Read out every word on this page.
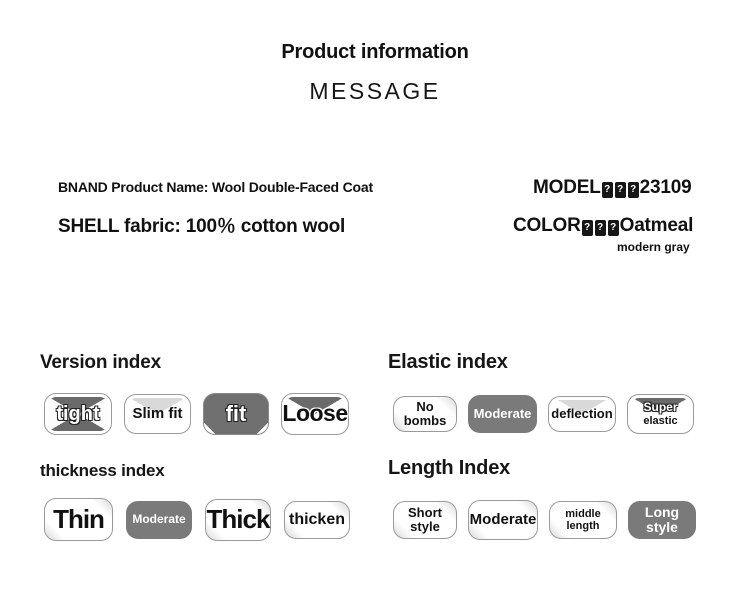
Product information
MESSAGE
BNAND Product Name: Wool Double-Faced Coat
SHELL fabric: 100％ cotton wool
MODEL ? ? ? 23109
COLOR ? ? ? Oatmeal
modern gray
Version index
tight Slim fit fit Loose
Elastic index
No bombs	Moderate deflection	Super
elastic
thickness index
Thin Moderate Thick thicken
Length Index
Short style	Moderate	middle
length
Long style
